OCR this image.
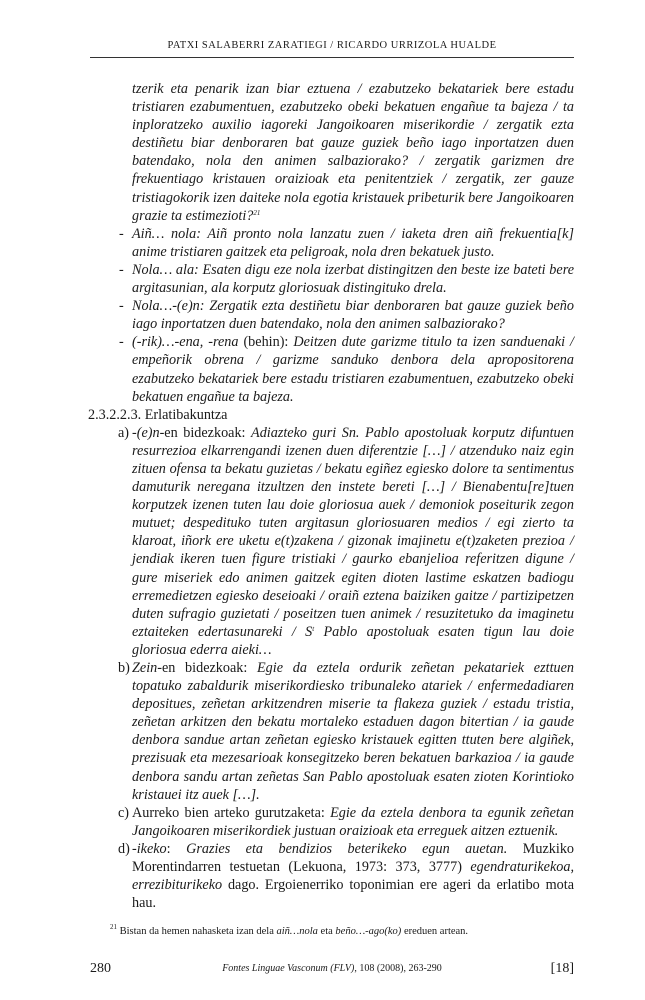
PATXI SALABERRI ZARATIEGI / RICARDO URRIZOLA HUALDE

tzerik eta penarik izan biar eztuena / ezabutzeko bekatariek bere estadu tristiaren ezabumentuen, ezabutzeko obeki bekatuen engañue ta bajeza / ta inploratzeko auxilio iagoreki Jangoikoaren miserikordie / zergatik ezta destiñetu biar denboraren bat gauze guziek beño iago inportatzen duen batendako, nola den animen salbaziorako? / zergatik garizmen dre frekuentiago kristauen oraizioak eta penitentziek / zergatik, zer gauze tristiagokorik izen daiteke nola egotia kristauek pribeturik bere Jangoikoaren grazie ta estimezioti?$^{21}$

- Aiñ… nola: Aiñ pronto nola lanzatu zuen / iaketa dren aiñ frekuentia[k] anime tristiaren gaitzek eta peligroak, nola dren bekatuek justo.

- Nola… ala: Esaten digu eze nola izerbat distingitzen den beste ize bateti bere argitasunian, ala korputz gloriosuak distingituko drela.

- Nola…-(e)n: Zergatik ezta destiñetu biar denboraren bat gauze guziek beño iago inportatzen duen batendako, nola den animen salbaziorako?

- (-rik)…-ena, -rena (behin): Deitzen dute garizme titulo ta izen sanduenaki / empeñorik obrena / garizme sanduko denbora dela apropositorena ezabutzeko bekatariek bere estadu tristiaren ezabumentuen, ezabutzeko obeki bekatuen engañue ta bajeza.

2.3.2.2.3. Erlatibakuntza

a) -(e)n-en bidezkoak: Adiazteko guri Sn. Pablo apostoluak korputz difuntuen resurrezioa elkarrengandi izenen duen diferentzie […] / atzenduko naiz egin zituen ofensa ta bekatu guzietas / bekatu egiñez egiesko dolore ta sentimentus damuturik neregana itzultzen den instete bereti […] / Bienabentu[re]tuen korputzek izenen tuten lau doie gloriosua auek / demoniok poseiturik zegon mutuet; despedituko tuten argitasun gloriosuaren medios / egi zierto ta klaroat, iñork ere uketu e(t)zakena / gizonak imajinetu e(t)zaketen prezioa / jendiak ikeren tuen figure tristiaki / gaurko ebanjelioa referitzen digune / gure miseriek edo animen gaitzek egiten dioten lastime eskatzen badiogu erremedietzen egiesko deseioaki / oraiñ eztena baiziken gaitze / partizipetzen duten sufragio guzietati / poseitzen tuen animek / resuzitetuko da imaginetu eztaiteken edertasunareki / $S^t$ Pablo apostoluak esaten tigun lau doie gloriosua ederra aieki…

b) Zein-en bidezkoak: Egie da eztela ordurik zeñetan pekatariek ezttuen topatuko zabaldurik miserikordiesko tribunaleko atariek / enfermedadiaren depositues, zeñetan arkitzendren miserie ta flakeza guziek / estadu tristia, zeñetan arkitzen den bekatu mortaleko estaduen dagon bitertian / ia gaude denbora sandue artan zeñetan egiesko kristauek egitten ttuten bere algiñek, prezisuak eta mezesarioak konsegitzeko beren bekatuen barkazioa / ia gaude denbora sandu artan zeñetas San Pablo apostoluak esaten zioten Korintioko kristauei itz auek […].

c) Aurreko bien arteko gurutzaketa: Egie da eztela denbora ta egunik zeñetan Jangoikoaren miserikordiek justuan oraizioak eta erreguek aitzen eztuenik.

d) -ikeko: Grazies eta bendizios beterikeko egun auetan. Muzkiko Morentindarren testuetan (Lekuona, 1973: 373, 3777) egendraturikekoa, errezibiturikeko dago. Ergoienerriko toponimian ere ageri da erlatibo mota hau.

$^{21}$ Bistan da hemen nahasketa izan dela aiñ…nola eta beño…-ago(ko) ereduen artean.
280	Fontes Linguae Vasconum (FLV), 108 (2008), 263-290	[18]
